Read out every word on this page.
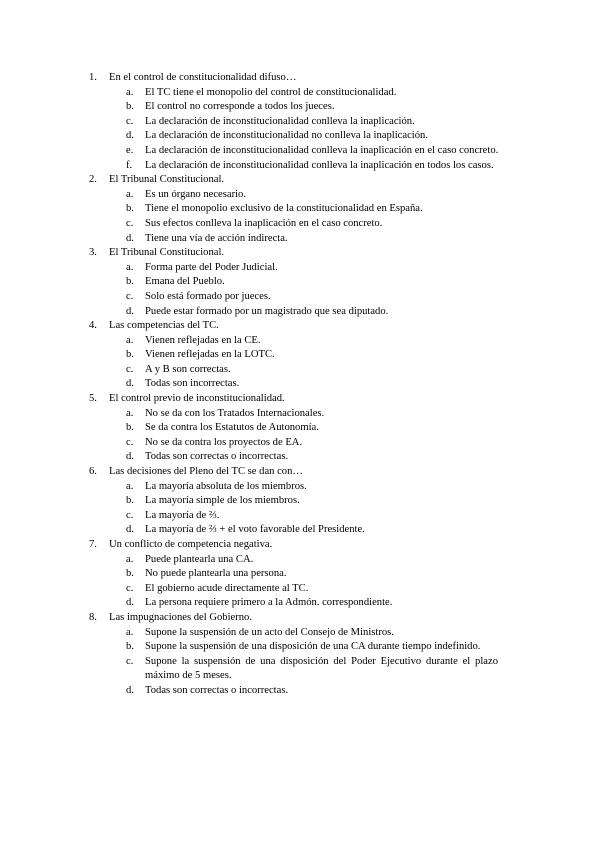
1. En el control de constitucionalidad difuso…
a. El TC tiene el monopolio del control de constitucionalidad.
b. El control no corresponde a todos los jueces.
c. La declaración de inconstitucionalidad conlleva la inaplicación.
d. La declaración de inconstitucionalidad no conlleva la inaplicación.
e. La declaración de inconstitucionalidad conlleva la inaplicación en el caso concreto.
f. La declaración de inconstitucionalidad conlleva la inaplicación en todos los casos.
2. El Tribunal Constitucional.
a. Es un órgano necesario.
b. Tiene el monopolio exclusivo de la constitucionalidad en España.
c. Sus efectos conlleva la inaplicación en el caso concreto.
d. Tiene una vía de acción indirecta.
3. El Tribunal Constitucional.
a. Forma parte del Poder Judicial.
b. Emana del Pueblo.
c. Solo está formado por jueces.
d. Puede estar formado por un magistrado que sea diputado.
4. Las competencias del TC.
a. Vienen reflejadas en la CE.
b. Vienen reflejadas en la LOTC.
c. A y B son correctas.
d. Todas son incorrectas.
5. El control previo de inconstitucionalidad.
a. No se da con los Tratados Internacionales.
b. Se da contra los Estatutos de Autonomía.
c. No se da contra los proyectos de EA.
d. Todas son correctas o incorrectas.
6. Las decisiones del Pleno del TC se dan con…
a. La mayoría absoluta de los miembros.
b. La mayoría simple de los miembros.
c. La mayoría de ⅔.
d. La mayoría de ⅔ + el voto favorable del Presidente.
7. Un conflicto de competencia negativa.
a. Puede plantearla una CA.
b. No puede plantearla una persona.
c. El gobierno acude directamente al TC.
d. La persona requiere primero a la Admón. correspondiente.
8. Las impugnaciones del Gobierno.
a. Supone la suspensión de un acto del Consejo de Ministros.
b. Supone la suspensión de una disposición de una CA durante tiempo indefinido.
c. Supone la suspensión de una disposición del Poder Ejecutivo durante el plazo máximo de 5 meses.
d. Todas son correctas o incorrectas.
